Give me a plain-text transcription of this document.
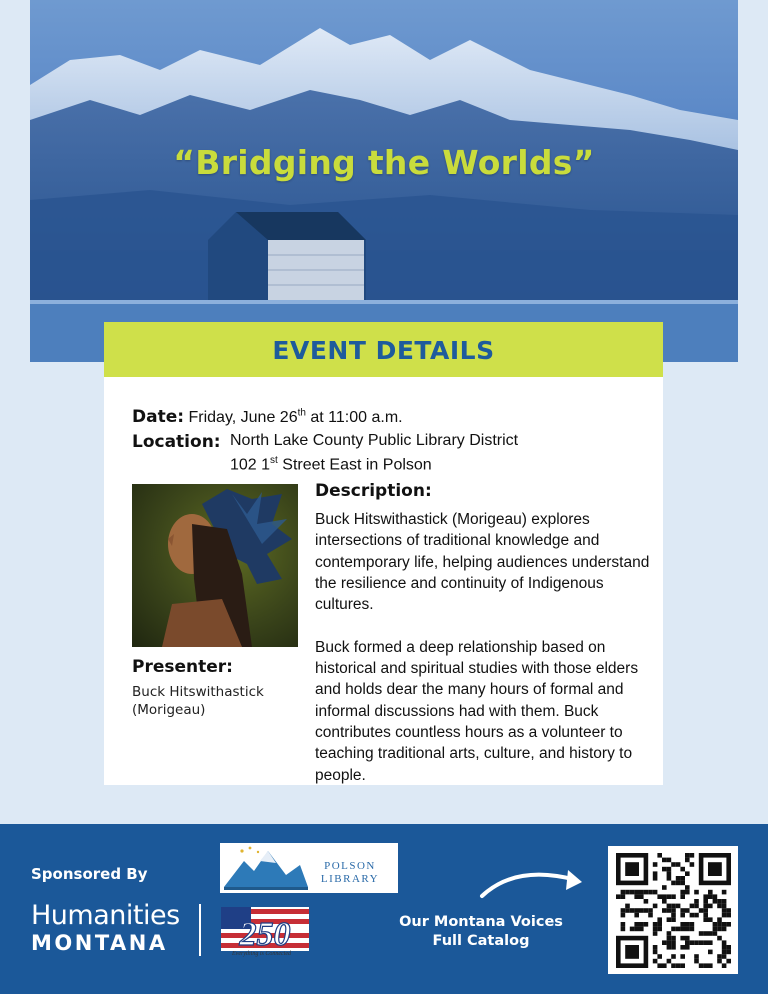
“Bridging the Worlds”
EVENT DETAILS
Date: Friday, June 26th at 11:00 a.m.
Location: North Lake County Public Library District
102 1st Street East in Polson
Presenter:
Buck Hitswithastick (Morigeau)
Description:

Buck Hitswithastick (Morigeau) explores intersections of traditional knowledge and contemporary life, helping audiences understand the resilience and continuity of Indigenous cultures.

Buck formed a deep relationship based on historical and spiritual studies with those elders and holds dear the many hours of formal and informal discussions had with them. Buck contributes countless hours as a volunteer to teaching traditional arts, culture, and history to people.

Sponsored By
Humanities
MONTANA
POLSON LIBRARY
250
Everything is Connected
Our Montana Voices
Full Catalog
